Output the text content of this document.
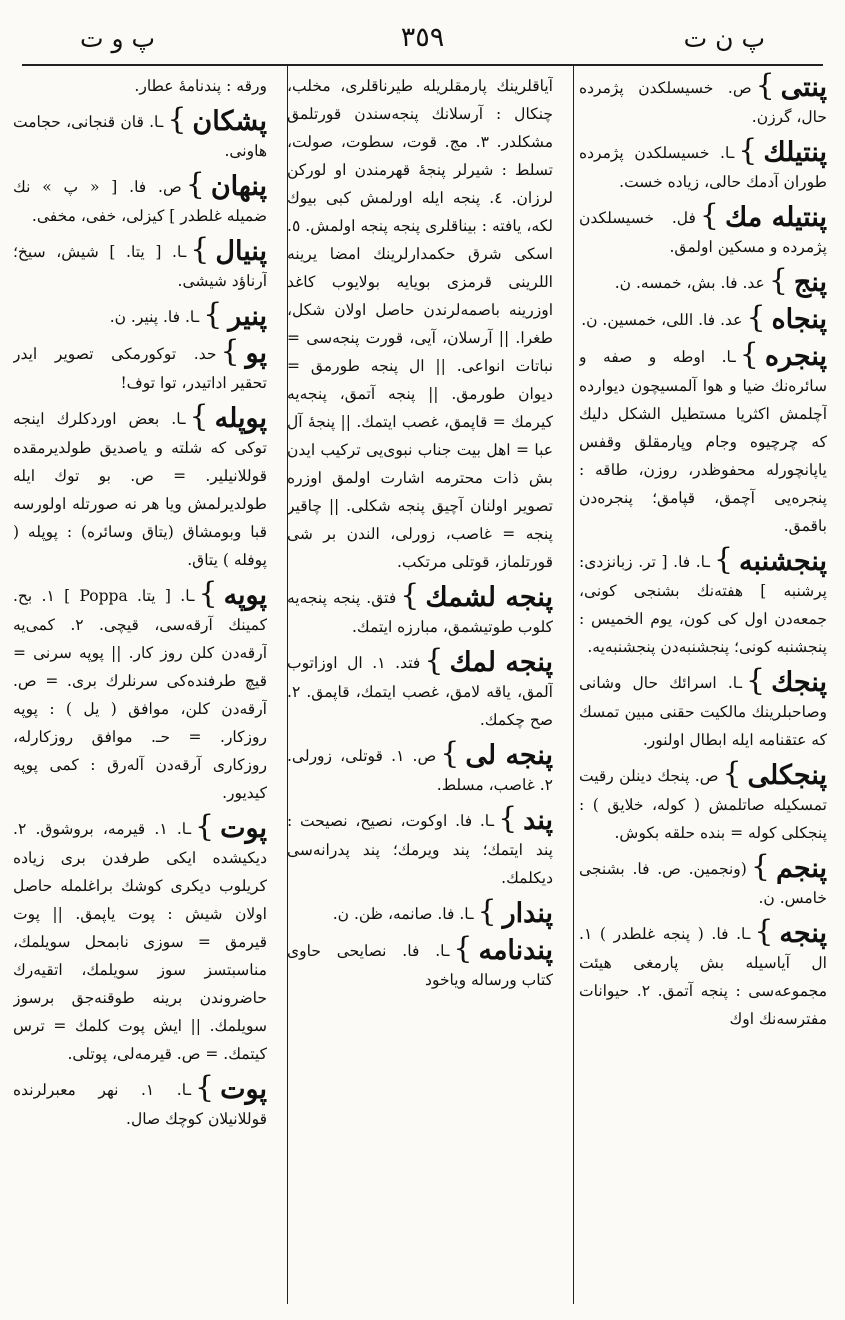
پ ن ت
٣٥٩
پ و ت
پنتی}ص. خسیسلکدن پژمرده حال، گرزن.
پنتیلك}ـا. خسیسلکدن پژمرده طوران آدمك حالی، زیاده خست.
پنتیله مك}فل. خسیسلکدن پژمرده و مسکین اولمق.
پنج}عد. فا. بش، خمسه. ن.
پنجاه}عد. فا. اللی، خمسین. ن.
پنجره}ـا. اوطه و صفه و سائره‌نك ضیا و هوا آلمسیچون دیوارده آچلمش اکثریا مستطیل الشکل دلیك که چرچیوه وجام وپارمقلق وقفس یاپانچورله محفوظدر، روزن، طاقه : پنجره‌یی آچمق، قپامق؛ پنجره‌دن باقمق.
پنجشنبه}ـا. فا. [ تر. زبانزدی: پرشنبه ] هفته‌نك بشنجی کونی، جمعه‌دن اول کی کون، یوم الخمیس : پنجشنبه کونی؛ پنجشنبه‌دن پنجشنبه‌یه.
پنجك}ـا. اسرائك حال وشانی وصاحبلرینك مالکیت حقنی مبین تمسك که عتقنامه ایله ابطال اولنور.
پنجکلی}ص. پنجك دینلن رقیت تمسکیله صاتلمش ( کوله، خلایق ) : پنجکلی کوله = بنده حلقه بکوش.
پنجم}(ونجمین. ص. فا. بشنجی خامس. ن.
پنجه}ـا. فا. ( پنجه غلطدر ) ١. ال آیاسیله بش پارمغی هیئت مجموعه‌سی : پنجه آتمق. ٢. حیوانات مفترسه‌نك اوك
آیاقلرینك پارمقلریله طیرناقلری، مخلب، چنکال : آرسلانك پنجه‌سندن قورتلمق مشکلدر. ٣. مج. قوت، سطوت، صولت، تسلط : شیرلر پنجهٔ قهرمندن او لورکن لرزان. ٤. پنجه ایله اورلمش کبی بیوك لکه، یافته : بیناقلری پنجه پنجه اولمش. ٥. اسکی شرق حکمدارلرینك امضا یرینه اللرینی قرمزی بویایه بولایوب کاغد اوزرینه باصمه‌لرندن حاصل اولان شکل، طغرا. || آرسلان، آیی، قورت پنجه‌سی = نباتات انواعی. || ال پنجه طورمق = دیوان طورمق. || پنجه آتمق، پنجه‌یه کیرمك = قاپمق، غصب ایتمك. || پنجهٔ آل عبا = اهل بیت جناب نبوی‌یی ترکیب ایدن بش ذات محترمه اشارت اولمق اوزره تصویر اولنان آچیق پنجه شکلی. || چاقیر پنجه = غاصب، زورلی، الندن بر شی قورتلماز، قوتلی مرتکب.
پنجه لشمك}فتق. پنجه پنجه‌یه کلوب طوتیشمق، مبارزه ایتمك.
پنجه لمك}فتد. ١. ال اوزاتوب آلمق، یاقه لامق، غصب ایتمك، قاپمق. ٢. صح چکمك.
پنجه لی}ص. ١. قوتلی، زورلی. ٢. غاصب، مسلط.
پند}ـا. فا. اوکوت، نصیح، نصیحت : پند ایتمك؛ پند ویرمك؛ پند پدرانه‌سی دیکلمك.
پندار}ـا. فا. صانمه، ظن. ن.
پندنامه}ـا. فا. نصایحی حاوی کتاب ورساله ویاخود
ورقه : پندنامهٔ عطار.
پشکان}ـا. قان قنجانی، حجامت هاونی.
پنهان}ص. فا. [ « پ » نك ضمیله غلطدر ] کیزلی، خفی، مخفی.
پنیال}ـا. [ یتا. ] شیش، سیخ؛ آرناؤد شیشی.
پنیر}ـا. فا. پنیر. ن.
پو}حد. توکورمکی تصویر ایدر تحقیر اداتیدر، توا توف!
پوپله}ـا. بعض اوردکلرك اینجه توکی که شلته و یاصدیق طولدیرمقده قوللانیلیر. = ص. بو توك ایله طولدیرلمش ویا هر نه صورتله اولورسه قبا وبومشاق (یتاق وسائره) : پوپله ( پوفله ) یتاق.
پوپه}ـا. [ یتا. Poppa ] ١. بح. کمینك آرقه‌سی، قیچی. ٢. کمی‌یه آرقه‌دن کلن روز کار. || پوپه سرنی = قیچ طرفنده‌کی سرنلرك بری. = ص. آرقه‌دن کلن، موافق ( یل ) : پوپه روزکار. = حـ. موافق روزکارله، روزکاری آرقه‌دن آله‌رق : کمی پوپه کیدیور.
پوت}ـا. ١. قیرمه، بروشوق. ٢. دیکیشده ایکی طرفدن بری زیاده کریلوب دیکری کوشك براغلمله حاصل اولان شیش : پوت یاپمق. || پوت قیرمق = سوزی نابمحل سویلمك، مناسبتسز سوز سویلمك، اتقیه‌رك حاضروندن برینه طوقنه‌جق برسوز سویلمك. || ایش پوت کلمك = ترس کیتمك. = ص. قیرمه‌لی، پوتلی.
پوت}ـا. ١. نهر معبرلرنده قوللانیلان کوچك صال.
